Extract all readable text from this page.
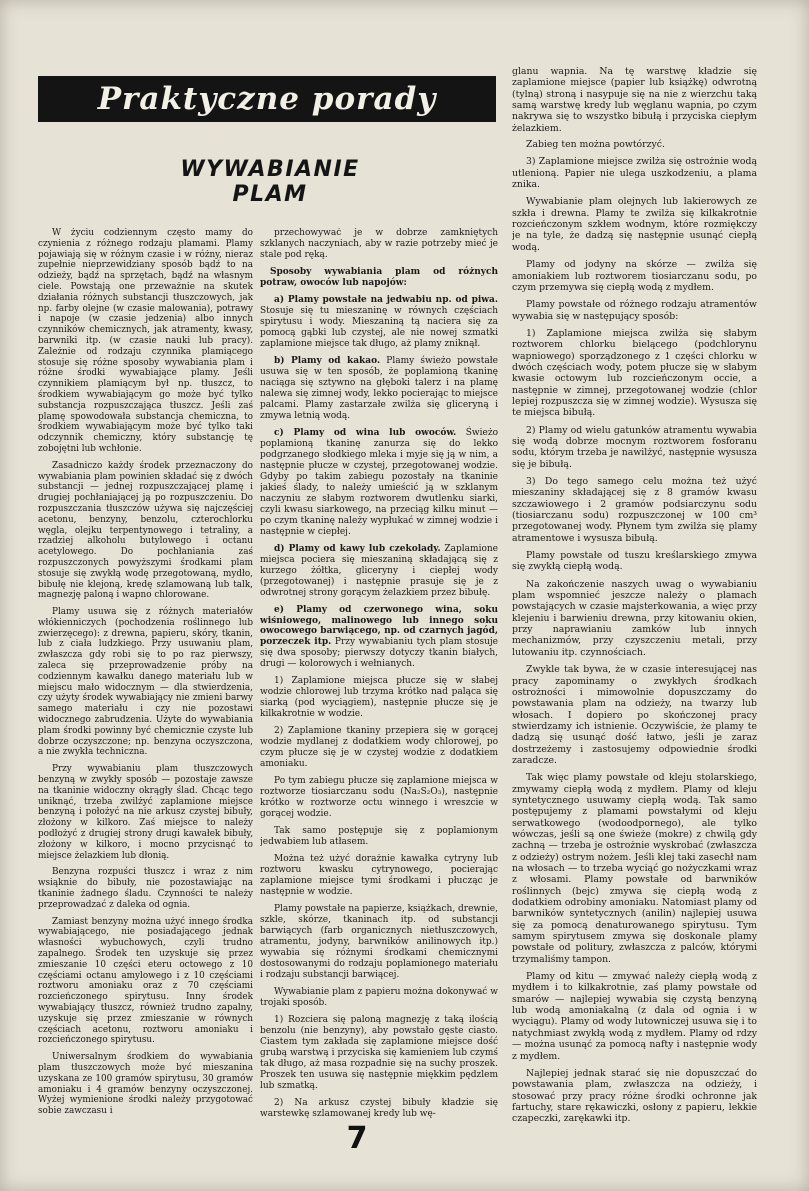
Praktyczne porady
WYWABIANIE PLAM

W życiu codziennym często mamy do czynienia z różnego rodzaju plamami. Plamy pojawiają się w różnym czasie i w różny, nieraz zupełnie nieprzewidziany sposób bądź to na odzieży, bądź na sprzętach, bądź na własnym ciele. Powstają one przeważnie na skutek działania różnych substancji tłuszczowych, jak np. farby olejne (w czasie malowania), potrawy i napoje (w czasie jedzenia) albo innych czynników chemicznych, jak atramenty, kwasy, barwniki itp. (w czasie nauki lub pracy). Zależnie od rodzaju czynnika plamiącego stosuje się różne sposoby wywabiania plam i różne środki wywabiające plamy. Jeśli czynnikiem plamiącym był np. tłuszcz, to środkiem wywabiającym go może być tylko substancja rozpuszczająca tłuszcz. Jeśli zaś plamę spowodowała substancja chemiczna, to środkiem wywabiającym może być tylko taki odczynnik chemiczny, który substancję tę zobojętni lub wchłonie.

Zasadniczo każdy środek przeznaczony do wywabiania plam powinien składać się z dwóch substancji — jednej rozpuszczającej plamę i drugiej pochłaniającej ją po rozpuszczeniu. Do rozpuszczania tłuszczów używa się najczęściej acetonu, benzyny, benzolu, czterochlorku węgla, olejku terpentynowego i tetraliny, a rzadziej alkoholu butylowego i octanu acetylowego. Do pochłaniania zaś rozpuszczonych powyższymi środkami plam stosuje się zwykłą wodę przegotowaną, mydło, bibułę nie klejoną, kredę szlamowaną lub talk, magnezję paloną i wapno chlorowane.

Plamy usuwa się z różnych materiałów włókienniczych (pochodzenia roślinnego lub zwierzęcego): z drewna, papieru, skóry, tkanin, lub z ciała ludzkiego. Przy usuwaniu plam, zwłaszcza gdy robi się to po raz pierwszy, zaleca się przeprowadzenie próby na codziennym kawałku danego materiału lub w miejscu mało widocznym — dla stwierdzenia, czy użyty środek wywabiający nie zmieni barwy samego materiału i czy nie pozostawi widocznego zabrudzenia. Użyte do wywabiania plam środki powinny być chemicznie czyste lub dobrze oczyszczone; np. benzyna oczyszczona, a nie zwykła techniczna.

Przy wywabianiu plam tłuszczowych benzyną w zwykły sposób — pozostaje zawsze na tkaninie widoczny okrągły ślad. Chcąc tego uniknąć, trzeba zwilżyć zaplamione miejsce benzyną i położyć na nie arkusz czystej bibuły, złożony w kilkoro. Zaś miejsce to należy podłożyć z drugiej strony drugi kawałek bibuły, złożony w kilkoro, i mocno przycisnąć to miejsce żelazkiem lub dłonią.

Benzyna rozpuści tłuszcz i wraz z nim wsiąknie do bibuły, nie pozostawiając na tkaninie żadnego śladu. Czynności te należy przeprowadzać z daleka od ognia.

Zamiast benzyny można użyć innego środka wywabiającego, nie posiadającego jednak własności wybuchowych, czyli trudno zapalnego. Środek ten uzyskuje się przez zmieszanie 10 części eteru octowego z 10 częściami octanu amylowego i z 10 częściami roztworu amoniaku oraz z 70 częściami rozcieńczonego spirytusu. Inny środek wywabiający tłuszcz, również trudno zapalny, uzyskuje się przez zmieszanie w równych częściach acetonu, roztworu amoniaku i rozcieńczonego spirytusu.

Uniwersalnym środkiem do wywabiania plam tłuszczowych może być mieszanina uzyskana ze 100 gramów spirytusu, 30 gramów amoniaku i 4 gramów benzyny oczyszczonej. Wyżej wymienione środki należy przygotować sobie zawczasu i

przechowywać je w dobrze zamkniętych szklanych naczyniach, aby w razie potrzeby mieć je stale pod ręką.

Sposoby wywabiania plam od różnych potraw, owoców lub napojów:

a) Plamy powstałe na jedwabiu np. od piwa. Stosuje się tu mieszaninę w równych częściach spirytusu i wody. Mieszaniną tą naciera się za pomocą gąbki lub czystej, ale nie nowej szmatki zaplamione miejsce tak długo, aż plamy zniknął.

b) Plamy od kakao. Plamy świeżo powstałe usuwa się w ten sposób, że poplamioną tkaninę naciąga się sztywno na głęboki talerz i na plamę nalewa się zimnej wody, lekko pocierając to miejsce palcami. Plamy zastarzałe zwilża się gliceryną i zmywa letnią wodą.

c) Plamy od wina lub owoców. Świeżo poplamioną tkaninę zanurza się do lekko podgrzanego słodkiego mleka i myje się ją w nim, a następnie płucze w czystej, przegotowanej wodzie. Gdyby po takim zabiegu pozostały na tkaninie jakieś ślady, to należy umieścić ją w szklanym naczyniu ze słabym roztworem dwutlenku siarki, czyli kwasu siarkowego, na przeciąg kilku minut — po czym tkaninę należy wypłukać w zimnej wodzie i następnie w ciepłej.

d) Plamy od kawy lub czekolady. Zaplamione miejsca pociera się mieszaniną składającą się z kurzego żółtka, gliceryny i ciepłej wody (przegotowanej) i następnie prasuje się je z odwrotnej strony gorącym żelazkiem przez bibułę.

e) Plamy od czerwonego wina, soku wiśniowego, malinowego lub innego soku owocowego barwiącego, np. od czarnych jagód, porzeczek itp. Przy wywabianiu tych plam stosuje się dwa sposoby; pierwszy dotyczy tkanin białych, drugi — kolorowych i wełnianych.

1) Zaplamione miejsca płucze się w słabej wodzie chlorowej lub trzyma krótko nad paląca się siarką (pod wyciągiem), następnie płucze się je kilkakrotnie w wodzie.

2) Zaplamione tkaniny przepiera się w gorącej wodzie mydlanej z dodatkiem wody chlorowej, po czym płucze się je w czystej wodzie z dodatkiem amoniaku.

Po tym zabiegu płucze się zaplamione miejsca w roztworze tiosiarczanu sodu (Na₂S₂O₃), następnie krótko w roztworze octu winnego i wreszcie w gorącej wodzie.

Tak samo postępuje się z poplamionym jedwabiem lub atłasem.

Można też użyć dorażnie kawałka cytryny lub roztworu kwasku cytrynowego, pocierając zaplamione miejsce tymi środkami i płucząc je następnie w wodzie.

Plamy powstałe na papierze, książkach, drewnie, szkle, skórze, tkaninach itp. od substancji barwiących (farb organicznych nietłuszczowych, atramentu, jodyny, barwników anilinowych itp.) wywabia się różnymi środkami chemicznymi dostosowanymi do rodzaju poplamionego materiału i rodzaju substancji barwiącej.

Wywabianie plam z papieru można dokonywać w trojaki sposób.

1) Rozciera się paloną magnezję z taką ilością benzolu (nie benzyny), aby powstało gęste ciasto. Ciastem tym zakłada się zaplamione miejsce dość grubą warstwą i przyciska się kamieniem lub czymś tak długo, aż masa rozpadnie się na suchy proszek. Proszek ten usuwa się następnie miękkim pędzlem lub szmatką.

2) Na arkusz czystej bibuły kładzie się warstewkę szlamowanej kredy lub wę-

glanu wapnia. Na tę warstwę kładzie się zaplamione miejsce (papier lub książkę) odwrotną (tylną) stroną i nasypuje się na nie z wierzchu taką samą warstwę kredy lub węglanu wapnia, po czym nakrywa się to wszystko bibułą i przyciska ciepłym żelazkiem.

Zabieg ten można powtórzyć.

3) Zaplamione miejsce zwilża się ostrożnie wodą utlenioną. Papier nie ulega uszkodzeniu, a plama znika.

Wywabianie plam olejnych lub lakierowych ze szkła i drewna. Plamy te zwilża się kilkakrotnie rozcieńczonym szkłem wodnym, które rozmiękczy je na tyle, że dadzą się następnie usunąć ciepłą wodą.

Plamy od jodyny na skórze — zwilża się amoniakiem lub roztworem tiosiarczanu sodu, po czym przemywa się ciepłą wodą z mydłem.

Plamy powstałe od różnego rodzaju atramentów wywabia się w następujący sposób:

1) Zaplamione miejsca zwilża się słabym roztworem chlorku bielącego (podchlorynu wapniowego) sporządzonego z 1 części chlorku w dwóch częściach wody, potem płucze się w słabym kwasie octowym lub rozcieńczonym occie, a następnie w zimnej, przegotowanej wodzie (chlor lepiej rozpuszcza się w zimnej wodzie). Wysusza się te miejsca bibułą.

2) Plamy od wielu gatunków atramentu wywabia się wodą dobrze mocnym roztworem fosforanu sodu, którym trzeba je nawilżyć, następnie wysusza się je bibułą.

3) Do tego samego celu można też użyć mieszaniny składającej się z 8 gramów kwasu szczawiowego i 2 gramów podsiarczynu sodu (tiosiarczanu sodu) rozpuszczonej w 100 cm³ przegotowanej wody. Płynem tym zwilża się plamy atramentowe i wysusza bibułą.

Plamy powstałe od tuszu kreślarskiego zmywa się zwykłą ciepłą wodą.

Na zakończenie naszych uwag o wywabianiu plam wspomnieć jeszcze należy o plamach powstających w czasie majsterkowania, a więc przy klejeniu i barwieniu drewna, przy kitowaniu okien, przy naprawianiu zamków lub innych mechanizmów, przy czyszczeniu metali, przy lutowaniu itp. czynnościach.

Zwykle tak bywa, że w czasie interesującej nas pracy zapominamy o zwykłych środkach ostrożności i mimowolnie dopuszczamy do powstawania plam na odzieży, na twarzy lub włosach. I dopiero po skończonej pracy stwierdzamy ich istnienie. Oczywiście, że plamy te dadzą się usunąć dość łatwo, jeśli je zaraz dostrzeżemy i zastosujemy odpowiednie środki zaradcze.

Tak więc plamy powstałe od kleju stolarskiego, zmywamy ciepłą wodą z mydłem. Plamy od kleju syntetycznego usuwamy ciepłą wodą. Tak samo postępujemy z plamami powstałymi od kleju serwatkowego (wodoodpornego), ale tylko wówczas, jeśli są one świeże (mokre) z chwilą gdy zachną — trzeba je ostrożnie wyskrobać (zwłaszcza z odzieży) ostrym nożem. Jeśli klej taki zasechł nam na włosach — to trzeba wyciąć go nożyczkami wraz z włosami. Plamy powstałe od barwników roślinnych (bejc) zmywa się ciepłą wodą z dodatkiem odrobiny amoniaku. Natomiast plamy od barwników syntetycznych (anilin) najlepiej usuwa się za pomocą denaturowanego spirytusu. Tym samym spirytusem zmywa się doskonale plamy powstałe od politury, zwłaszcza z palców, którymi trzymaliśmy tampon.

Plamy od kitu — zmywać należy ciepłą wodą z mydłem i to kilkakrotnie, zaś plamy powstałe od smarów — najlepiej wywabia się czystą benzyną lub wodą amoniakalną (z dala od ognia i w wyciągu). Plamy od wody lutowniczej usuwa się i to natychmiast zwykłą wodą z mydłem. Plamy od rdzy — można usunąć za pomocą nafty i następnie wody z mydłem.

Najlepiej jednak starać się nie dopuszczać do powstawania plam, zwłaszcza na odzieży, i stosować przy pracy różne środki ochronne jak fartuchy, stare rękawiczki, osłony z papieru, lekkie czapeczki, zarękawki itp.

7
